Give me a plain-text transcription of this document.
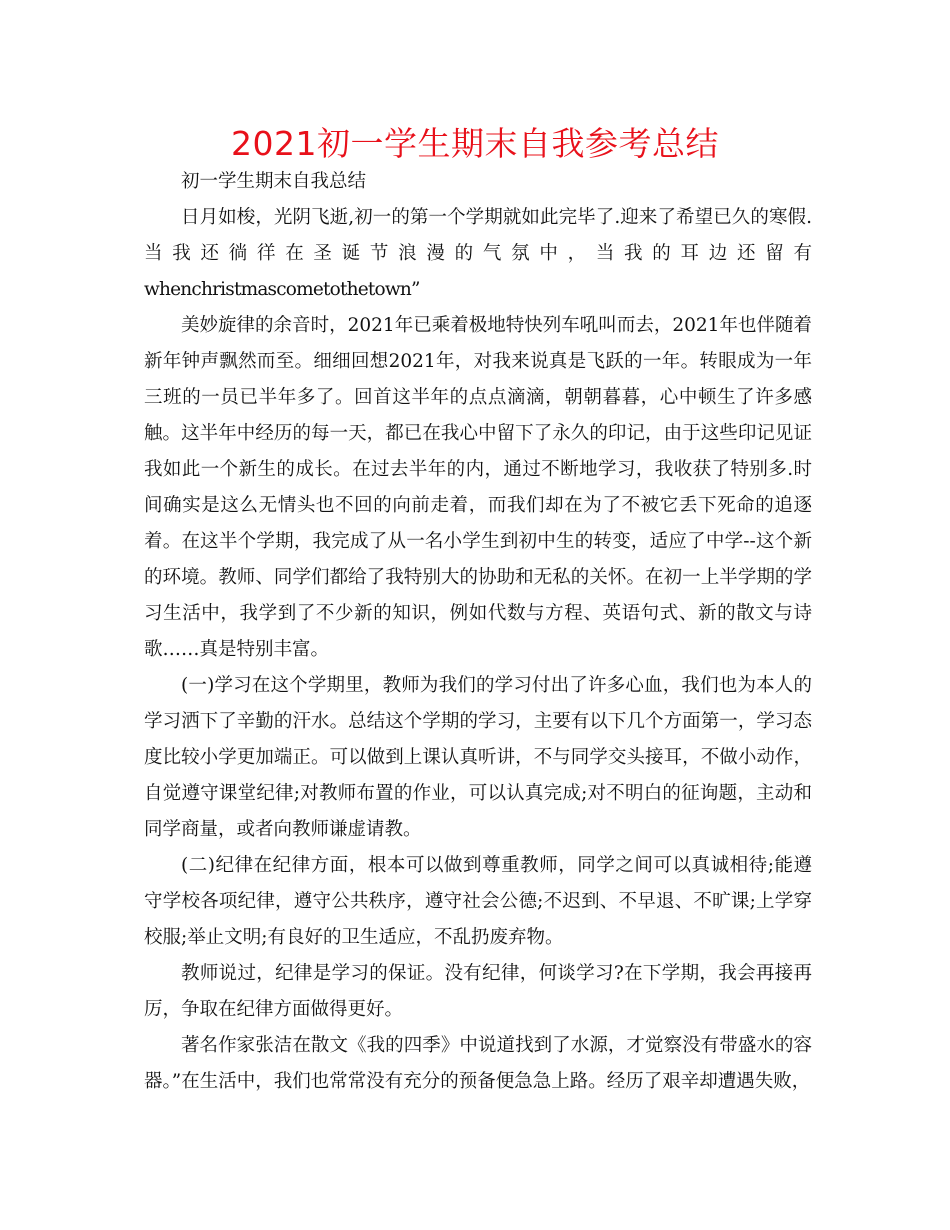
2021初一学生期末自我参考总结

初一学生期末自我总结

日月如梭，光阴飞逝,初一的第一个学期就如此完毕了.迎来了希望已久的寒假.当我还徜徉在圣诞节浪漫的气氛中，当我的耳边还留有

whenchristmascometothetown”

美妙旋律的余音时，2021年已乘着极地特快列车吼叫而去，2021年也伴随着新年钟声飘然而至。细细回想2021年，对我来说真是飞跃的一年。转眼成为一年三班的一员已半年多了。回首这半年的点点滴滴，朝朝暮暮，心中顿生了许多感触。这半年中经历的每一天，都已在我心中留下了永久的印记，由于这些印记见证我如此一个新生的成长。在过去半年的内，通过不断地学习，我收获了特别多.时间确实是这么无情头也不回的向前走着，而我们却在为了不被它丢下死命的追逐着。在这半个学期，我完成了从一名小学生到初中生的转变，适应了中学--这个新的环境。教师、同学们都给了我特别大的协助和无私的关怀。在初一上半学期的学习生活中，我学到了不少新的知识，例如代数与方程、英语句式、新的散文与诗歌……真是特别丰富。

(一)学习在这个学期里，教师为我们的学习付出了许多心血，我们也为本人的学习洒下了辛勤的汗水。总结这个学期的学习，主要有以下几个方面第一，学习态度比较小学更加端正。可以做到上课认真听讲，不与同学交头接耳，不做小动作，自觉遵守课堂纪律;对教师布置的作业，可以认真完成;对不明白的征询题，主动和同学商量，或者向教师谦虚请教。

(二)纪律在纪律方面，根本可以做到尊重教师，同学之间可以真诚相待;能遵守学校各项纪律，遵守公共秩序，遵守社会公德;不迟到、不早退、不旷课;上学穿校服;举止文明;有良好的卫生适应，不乱扔废弃物。

教师说过，纪律是学习的保证。没有纪律，何谈学习?在下学期，我会再接再厉，争取在纪律方面做得更好。

著名作家张洁在散文《我的四季》中说道找到了水源，才觉察没有带盛水的容器。”在生活中，我们也常常没有充分的预备便急急上路。经历了艰辛却遭遇失败，
